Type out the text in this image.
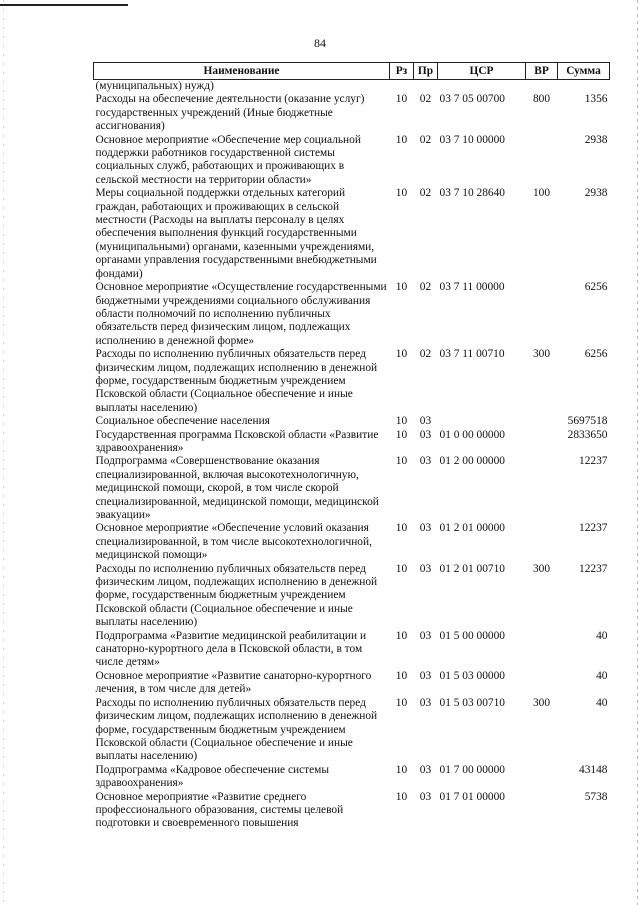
84
Наименование	Рз	Пр	ЦСР	ВР	Сумма
(муниципальных) нужд)					
Расходы на обеспечение деятельности (оказание услуг) государственных учреждений (Иные бюджетные ассигнования)	10	02	03 7 05 00700	800	1356
Основное мероприятие «Обеспечение мер социальной поддержки работников государственной системы социальных служб, работающих и проживающих в сельской местности на территории области»	10	02	03 7 10 00000		2938
Меры социальной поддержки отдельных категорий граждан, работающих и проживающих в сельской местности (Расходы на выплаты персоналу в целях обеспечения выполнения функций государственными (муниципальными) органами, казенными учреждениями, органами управления государственными внебюджетными фондами)	10	02	03 7 10 28640	100	2938
Основное мероприятие «Осуществление государственными бюджетными учреждениями социального обслуживания области полномочий по исполнению публичных обязательств перед физическим лицом, подлежащих исполнению в денежной форме»	10	02	03 7 11 00000		6256
Расходы по исполнению публичных обязательств перед физическим лицом, подлежащих исполнению в денежной форме, государственным бюджетным учреждением Псковской области (Социальное обеспечение и иные выплаты населению)	10	02	03 7 11 00710	300	6256
Социальное обеспечение населения	10	03			5697518
Государственная программа Псковской области «Развитие здравоохранения»	10	03	01 0 00 00000		2833650
Подпрограмма «Совершенствование оказания специализированной, включая высокотехнологичную, медицинской помощи, скорой, в том числе скорой специализированной, медицинской помощи, медицинской эвакуации»	10	03	01 2 00 00000		12237
Основное мероприятие «Обеспечение условий оказания специализированной, в том числе высокотехнологичной, медицинской помощи»	10	03	01 2 01 00000		12237
Расходы по исполнению публичных обязательств перед физическим лицом, подлежащих исполнению в денежной форме, государственным бюджетным учреждением Псковской области (Социальное обеспечение и иные выплаты населению)	10	03	01 2 01 00710	300	12237
Подпрограмма «Развитие медицинской реабилитации и санаторно-курортного дела в Псковской области, в том числе детям»	10	03	01 5 00 00000		40
Основное мероприятие «Развитие санаторно-курортного лечения, в том числе для детей»	10	03	01 5 03 00000		40
Расходы по исполнению публичных обязательств перед физическим лицом, подлежащих исполнению в денежной форме, государственным бюджетным учреждением Псковской области (Социальное обеспечение и иные выплаты населению)	10	03	01 5 03 00710	300	40
Подпрограмма «Кадровое обеспечение системы здравоохранения»	10	03	01 7 00 00000		43148
Основное мероприятие «Развитие среднего профессионального образования, системы целевой подготовки и своевременного повышения	10	03	01 7 01 00000		5738
